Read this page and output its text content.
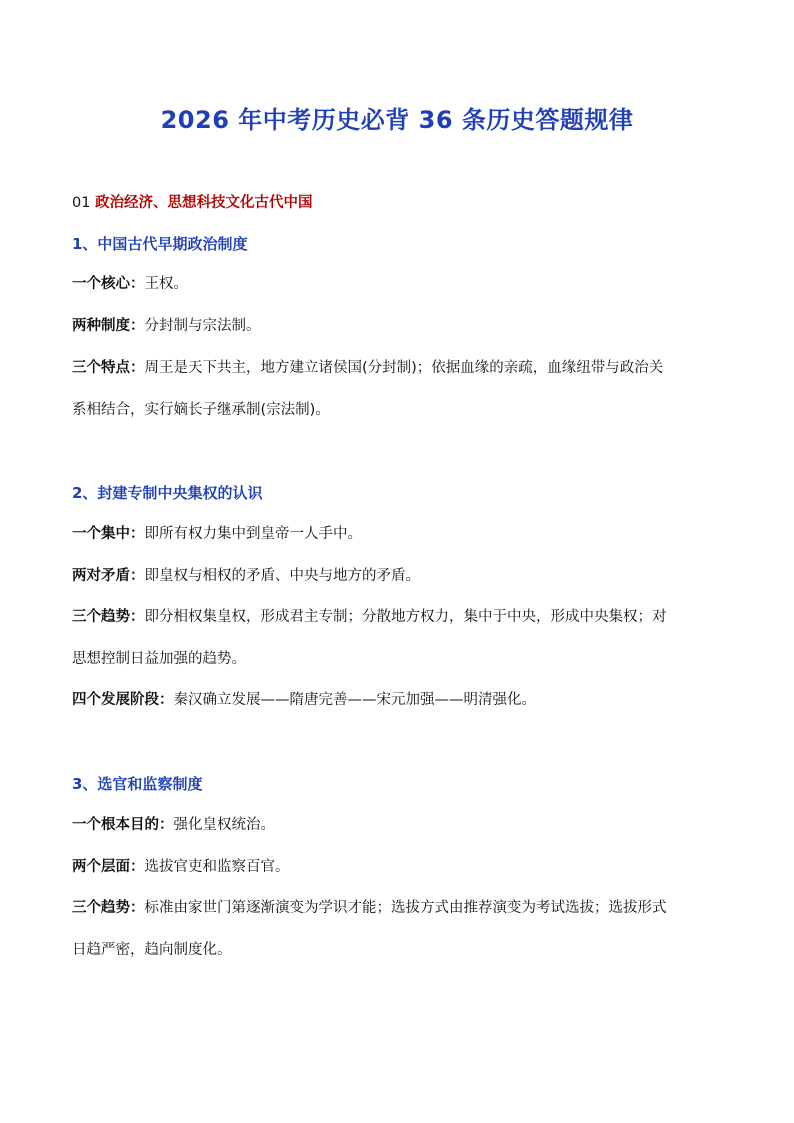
2026 年中考历史必背 36 条历史答题规律
01 政治经济、思想科技文化古代中国
1、中国古代早期政治制度
一个核心：王权。
两种制度：分封制与宗法制。
三个特点：周王是天下共主，地方建立诸侯国(分封制)；依据血缘的亲疏，血缘纽带与政治关
系相结合，实行嫡长子继承制(宗法制)。
2、封建专制中央集权的认识
一个集中：即所有权力集中到皇帝一人手中。
两对矛盾：即皇权与相权的矛盾、中央与地方的矛盾。
三个趋势：即分相权集皇权，形成君主专制；分散地方权力，集中于中央，形成中央集权；对
思想控制日益加强的趋势。
四个发展阶段：秦汉确立发展——隋唐完善——宋元加强——明清强化。
3、选官和监察制度
一个根本目的：强化皇权统治。
两个层面：选拔官吏和监察百官。
三个趋势：标准由家世门第逐渐演变为学识才能；选拔方式由推荐演变为考试选拔；选拔形式
日趋严密，趋向制度化。
